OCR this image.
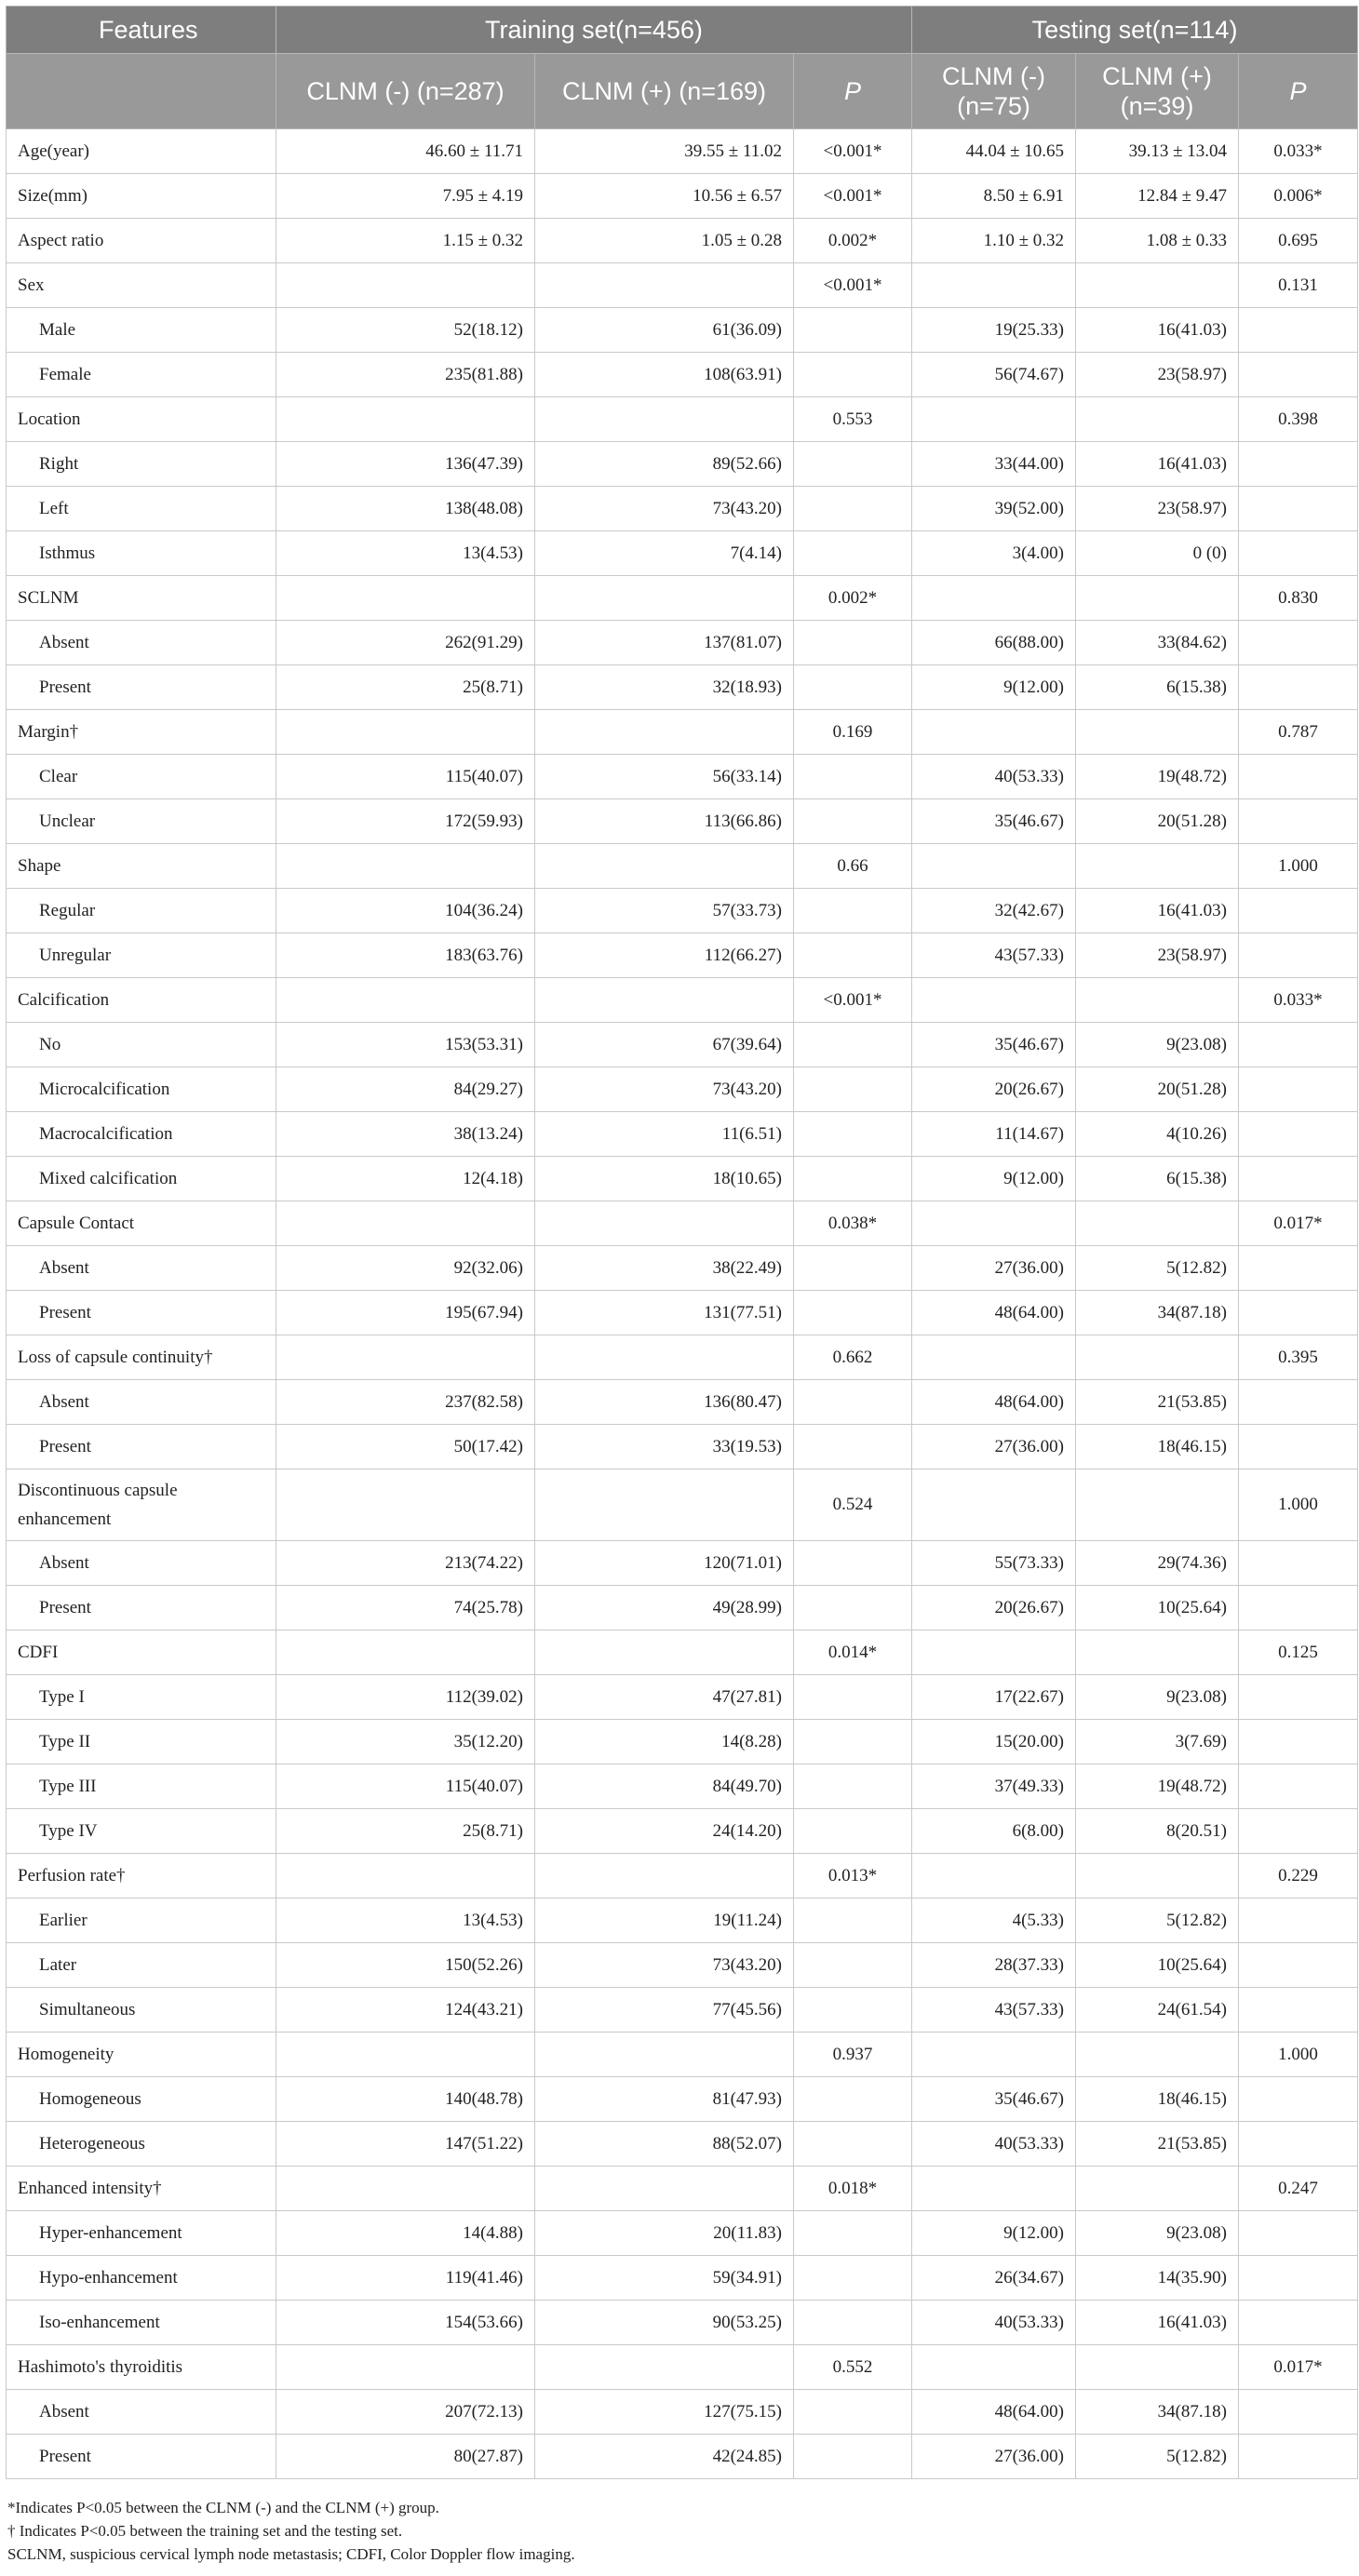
Features	Training set(n=456)			Testing set(n=114)		
	CLNM (-) (n=287)	CLNM (+) (n=169)	P	CLNM (-) (n=75)	CLNM (+) (n=39)	P
Age(year)	46.60 ± 11.71	39.55 ± 11.02	<0.001*	44.04 ± 10.65	39.13 ± 13.04	0.033*
Size(mm)	7.95 ± 4.19	10.56 ± 6.57	<0.001*	8.50 ± 6.91	12.84 ± 9.47	0.006*
Aspect ratio	1.15 ± 0.32	1.05 ± 0.28	0.002*	1.10 ± 0.32	1.08 ± 0.33	0.695
Sex			<0.001*			0.131
Male	52(18.12)	61(36.09)		19(25.33)	16(41.03)	
Female	235(81.88)	108(63.91)		56(74.67)	23(58.97)	
Location			0.553			0.398
Right	136(47.39)	89(52.66)		33(44.00)	16(41.03)	
Left	138(48.08)	73(43.20)		39(52.00)	23(58.97)	
Isthmus	13(4.53)	7(4.14)		3(4.00)	0 (0)	
SCLNM			0.002*			0.830
Absent	262(91.29)	137(81.07)		66(88.00)	33(84.62)	
Present	25(8.71)	32(18.93)		9(12.00)	6(15.38)	
Margin†			0.169			0.787
Clear	115(40.07)	56(33.14)		40(53.33)	19(48.72)	
Unclear	172(59.93)	113(66.86)		35(46.67)	20(51.28)	
Shape			0.66			1.000
Regular	104(36.24)	57(33.73)		32(42.67)	16(41.03)	
Unregular	183(63.76)	112(66.27)		43(57.33)	23(58.97)	
Calcification			<0.001*			0.033*
No	153(53.31)	67(39.64)		35(46.67)	9(23.08)	
Microcalcification	84(29.27)	73(43.20)		20(26.67)	20(51.28)	
Macrocalcification	38(13.24)	11(6.51)		11(14.67)	4(10.26)	
Mixed calcification	12(4.18)	18(10.65)		9(12.00)	6(15.38)	
Capsule Contact			0.038*			0.017*
Absent	92(32.06)	38(22.49)		27(36.00)	5(12.82)	
Present	195(67.94)	131(77.51)		48(64.00)	34(87.18)	
Loss of capsule continuity†			0.662			0.395
Absent	237(82.58)	136(80.47)		48(64.00)	21(53.85)	
Present	50(17.42)	33(19.53)		27(36.00)	18(46.15)	
Discontinuous capsule enhancement			0.524			1.000
Absent	213(74.22)	120(71.01)		55(73.33)	29(74.36)	
Present	74(25.78)	49(28.99)		20(26.67)	10(25.64)	
CDFI			0.014*			0.125
Type I	112(39.02)	47(27.81)		17(22.67)	9(23.08)	
Type II	35(12.20)	14(8.28)		15(20.00)	3(7.69)	
Type III	115(40.07)	84(49.70)		37(49.33)	19(48.72)	
Type IV	25(8.71)	24(14.20)		6(8.00)	8(20.51)	
Perfusion rate†			0.013*			0.229
Earlier	13(4.53)	19(11.24)		4(5.33)	5(12.82)	
Later	150(52.26)	73(43.20)		28(37.33)	10(25.64)	
Simultaneous	124(43.21)	77(45.56)		43(57.33)	24(61.54)	
Homogeneity			0.937			1.000
Homogeneous	140(48.78)	81(47.93)		35(46.67)	18(46.15)	
Heterogeneous	147(51.22)	88(52.07)		40(53.33)	21(53.85)	
Enhanced intensity†			0.018*			0.247
Hyper-enhancement	14(4.88)	20(11.83)		9(12.00)	9(23.08)	
Hypo-enhancement	119(41.46)	59(34.91)		26(34.67)	14(35.90)	
Iso-enhancement	154(53.66)	90(53.25)		40(53.33)	16(41.03)	
Hashimoto's thyroiditis			0.552			0.017*
Absent	207(72.13)	127(75.15)		48(64.00)	34(87.18)	
Present	80(27.87)	42(24.85)		27(36.00)	5(12.82)	
*Indicates P<0.05 between the CLNM (-) and the CLNM (+) group.
† Indicates P<0.05 between the training set and the testing set.
SCLNM, suspicious cervical lymph node metastasis; CDFI, Color Doppler flow imaging.
